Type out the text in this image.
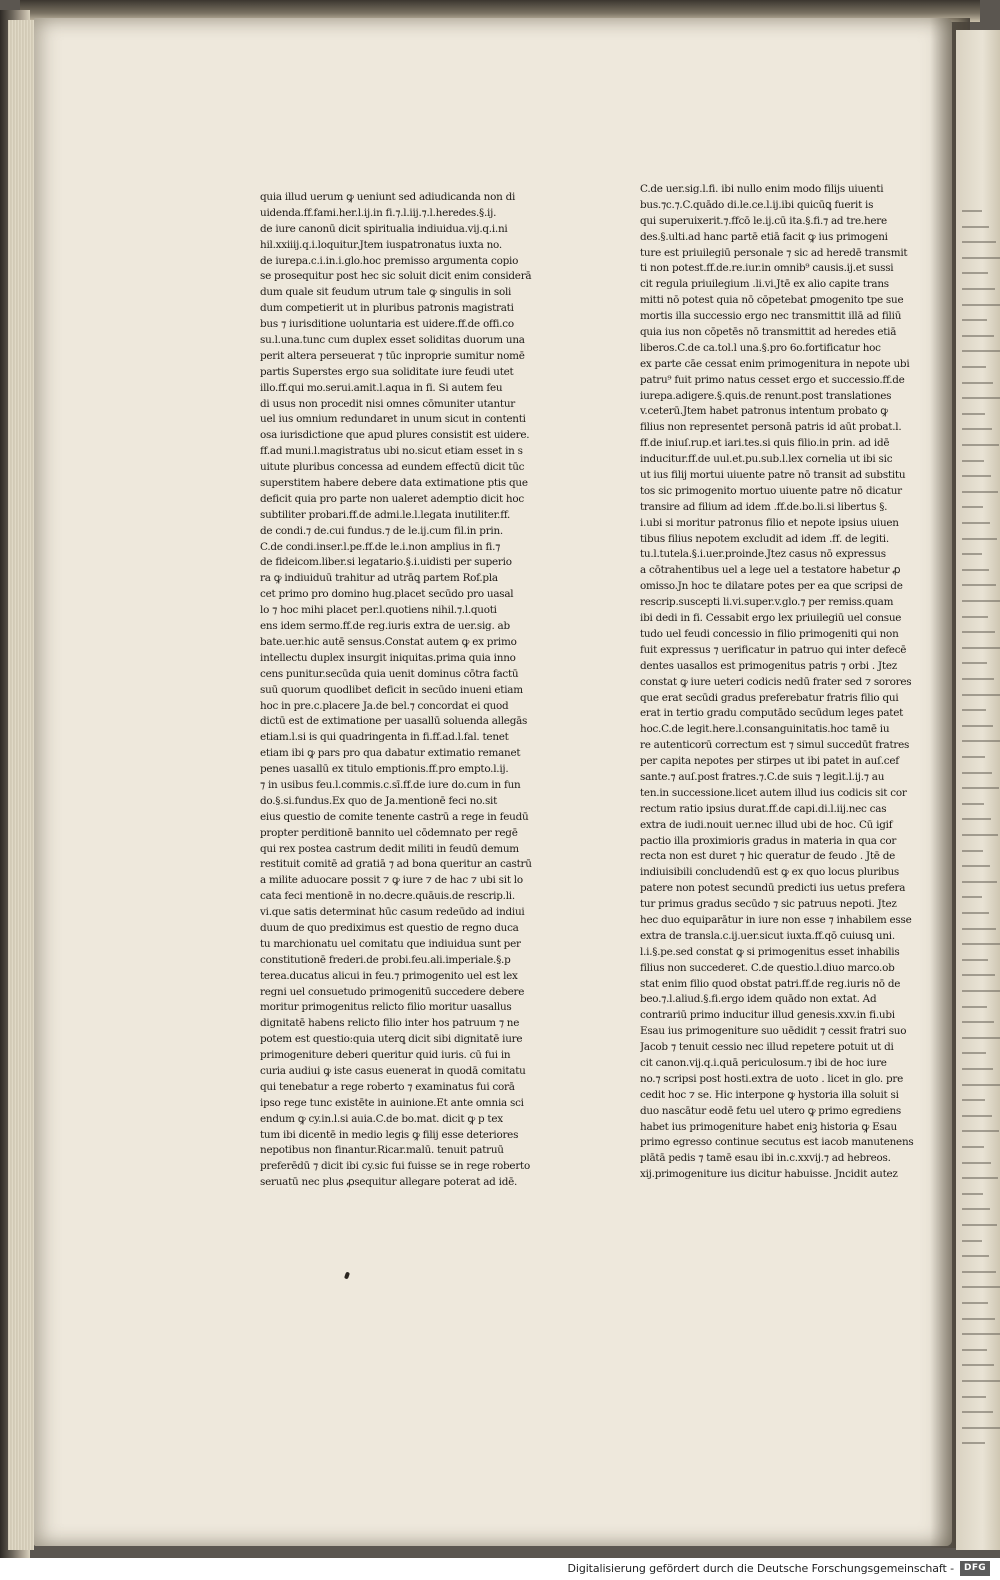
quia illud uerum ꝙ ueniunt sed adiudicanda non di
uidenda.ff.fami.her.l.ij.in fi.⁊.l.iij.⁊.l.heredes.§.ij.
de iure canonū dicit spiritualia indiuidua.vij.q.i.ni
hil.xxiiij.q.i.loquitur.Jtem iuspatronatus iuxta no.
de iurepa.c.i.in.i.glo.hoc premisso argumenta copio
se prosequitur post hec sic soluit dicit enim considerā
dum quale sit feudum utrum tale ꝙ singulis in soli
dum competierit ut in pluribus patronis magistrati
bus ⁊ iurisditione uoluntaria est uidere.ff.de offi.co
su.l.una.tunc cum duplex esset soliditas duorum una
perit altera perseuerat ⁊ tūc inproprie sumitur nomē
partis Superstes ergo sua soliditate iure feudi utet
illo.ff.qui mo.serui.amit.l.aqua in fi. Si autem feu
di usus non procedit nisi omnes cōmuniter utantur
uel ius omnium redundaret in unum sicut in contenti
osa iurisdictione que apud plures consistit est uidere.
ff.ad muni.l.magistratus ubi no.sicut etiam esset in s
uitute pluribus concessa ad eundem effectū dicit tūc
superstitem habere debere data extimatione ptis que
deficit quia pro parte non ualeret ademptio dicit hoc
subtiliter probari.ff.de admi.le.l.legata inutiliter.ff.
de condi.⁊ de.cui fundus.⁊ de le.ij.cum fil.in prin.
C.de condi.inser.l.pe.ff.de le.i.non amplius in fi.⁊
de fideicom.liber.si legatario.§.i.uidisti per superio
ra ꝙ indiuiduū trahitur ad utrāꝗ partem Rof.pla
cet primo pro domino hug.placet secūdo pro uasal
lo ⁊ hoc mihi placet per.l.quotiens nihil.⁊.l.quoti
ens idem sermo.ff.de reg.iuris extra de uer.sig. ab
bate.uer.hic autē sensus.Constat autem ꝙ ex primo
intellectu duplex insurgit iniquitas.prima quia inno
cens punitur.secūda quia uenit dominus cōtra factū
suū quorum quodlibet deficit in secūdo inueni etiam
hoc in pre.c.placere Ja.de bel.⁊ concordat ei quod
dictū est de extimatione per uasallū soluenda allegās
etiam.l.si is qui quadringenta in fi.ff.ad.l.fal. tenet
etiam ibi ꝙ pars pro qua dabatur extimatio remanet
penes uasallū ex titulo emptionis.ff.pro empto.l.ij.
⁊ in usibus feu.l.commis.c.sī.ff.de iure do.cum in fun
do.§.si.fundus.Ex quo de Ja.mentionē feci no.sit
eius questio de comite tenente castrū a rege in feudū
propter perditionē bannito uel cōdemnato per regē
qui rex postea castrum dedit militi in feudū demum
restituit comitē ad gratiā ⁊ ad bona queritur an castrū
a milite aduocare possit ⁊ ꝙ iure ⁊ de hac ⁊ ubi sit lo
cata feci mentionē in no.decre.quāuis.de rescrip.li.
vi.que satis determinat hūc casum redeūdo ad indiui
duum de quo prediximus est questio de regno duca
tu marchionatu uel comitatu que indiuidua sunt per
constitutionē frederi.de probi.feu.ali.imperiale.§.p
terea.ducatus alicui in feu.⁊ primogenito uel est lex
regni uel consuetudo primogenitū succedere debere
moritur primogenitus relicto filio moritur uasallus
dignitatē habens relicto filio inter hos patruum ⁊ ne
potem est questio:quia uterꝗ dicit sibi dignitatē iure
primogeniture deberi queritur quid iuris. cū fui in
curia audiui ꝙ iste casus euenerat in quodā comitatu
qui tenebatur a rege roberto ⁊ examinatus fui corā
ipso rege tunc existēte in auinione.Et ante omnia sci
endum ꝙ cy.in.l.si auia.C.de bo.mat. dicit ꝙ p tex
tum ibi dicentē in medio legis ꝙ filij esse deteriores
nepotibus non finantur.Ricar.malū. tenuit patruū
preferēdū ⁊ dicit ibi cy.sic fui fuisse se in rege roberto
seruatū nec plus ꝓsequitur allegare poterat ad idē.
C.de uer.sig.l.fi. ibi nullo enim modo filijs uiuenti
bus.⁊c.⁊.C.quādo di.le.ce.l.ij.ibi quicūꝗ fuerit is
qui superuixerit.⁊.ffcō le.ij.cū ita.§.fi.⁊ ad tre.here
des.§.ulti.ad hanc partē etiā facit ꝙ ius primogeni
ture est priuilegiū personale ⁊ sic ad heredē transmit
ti non potest.ff.de.re.iur.in omnib⁹ causis.ij.et sussi
cit regula priuilegium .li.vi.Jtē ex alio capite trans
mitti nō potest quia nō cōpetebat ꝑmogenito tpe sue
mortis illa successio ergo nec transmittit illā ad filiū
quia ius non cōpetēs nō transmittit ad heredes etiā
liberos.C.de ca.tol.l una.§.pro 6o.fortificatur hoc
ex parte cāe cessat enim primogenitura in nepote ubi
patru⁹ fuit primo natus cesset ergo et successio.ff.de
iurepa.adigere.§.quis.de renunt.post translationes
v.ceterū.Jtem habet patronus intentum probato ꝙ
filius non representet personā patris id aūt probat.l.
ff.de iniuſ.rup.et iari.tes.si quis filio.in prin. ad idē
inducitur.ff.de uul.et.pu.sub.l.lex cornelia ut ibi sic
ut ius filij mortui uiuente patre nō transit ad substitu
tos sic primogenito mortuo uiuente patre nō dicatur
transire ad filium ad idem .ff.de.bo.li.si libertus §.
i.ubi si moritur patronus filio et nepote ipsius uiuen
tibus filius nepotem excludit ad idem .ff. de legiti.
tu.l.tutela.§.i.uer.proinde.Jtez casus nō expressus
a cōtrahentibus uel a lege uel a testatore habetur ꝓ
omisso.Jn hoc te dilatare potes per ea que scripsi de
rescrip.suscepti li.vi.super.v.glo.⁊ per remiss.quam
ibi dedi in fi. Cessabit ergo lex priuilegiū uel consue
tudo uel feudi concessio in filio primogeniti qui non
fuit expressus ⁊ uerificatur in patruo qui inter defecē
dentes uasallos est primogenitus patris ⁊ orbi . Jtez
constat ꝙ iure ueteri codicis nedū frater sed ⁊ sorores
que erat secūdi gradus preferebatur fratris filio qui
erat in tertio gradu computādo secūdum leges patet
hoc.C.de legit.here.l.consanguinitatis.hoc tamē iu
re autenticorū correctum est ⁊ simul succedūt fratres
per capita nepotes per stirpes ut ibi patet in auſ.cef
sante.⁊ auſ.post fratres.⁊.C.de suis ⁊ legit.l.ij.⁊ au
ten.in successione.licet autem illud ius codicis sit cor
rectum ratio ipsius durat.ff.de capi.di.l.iij.nec cas
extra de iudi.nouit uer.nec illud ubi de hoc. Cū igif
pactio illa proximioris gradus in materia in qua cor
recta non est duret ⁊ hic queratur de feudo . Jtē de
indiuisibili concludendū est ꝙ ex quo locus pluribus
patere non potest secundū predicti ius uetus prefera
tur primus gradus secūdo ⁊ sic patruus nepoti. Jtez
hec duo equiparātur in iure non esse ⁊ inhabilem esse
extra de transla.c.ij.uer.sicut iuxta.ff.qō cuiusꝗ uni.
l.i.§.pe.sed constat ꝙ si primogenitus esset inhabilis
filius non succederet. C.de questio.l.diuo marco.ob
stat enim filio quod obstat patri.ff.de reg.iuris nō de
beo.⁊.l.aliud.§.fi.ergo idem quādo non extat. Ad
contrariū primo inducitur illud genesis.xxv.in fi.ubi
Esau ius primogeniture suo uēdidit ⁊ cessit fratri suo
Jacob ⁊ tenuit cessio nec illud repetere potuit ut di
cit canon.vij.q.i.quā periculosum.⁊ ibi de hoc iure
no.⁊ scripsi post hosti.extra de uoto . licet in glo. pre
cedit hoc ⁊ se. Hic interpone ꝙ hystoria illa soluit si
duo nascātur eodē fetu uel utero ꝙ primo egrediens
habet ius primogeniture habet eniꝫ historia ꝙ Esau
primo egresso continue secutus est iacob manutenens
plātā pedis ⁊ tamē esau ibi in.c.xxvij.⁊ ad hebreos.
xij.primogeniture ius dicitur habuisse. Jncidit autez
Digitalisierung gefördert durch die Deutsche Forschungsgemeinschaft -	DFG
